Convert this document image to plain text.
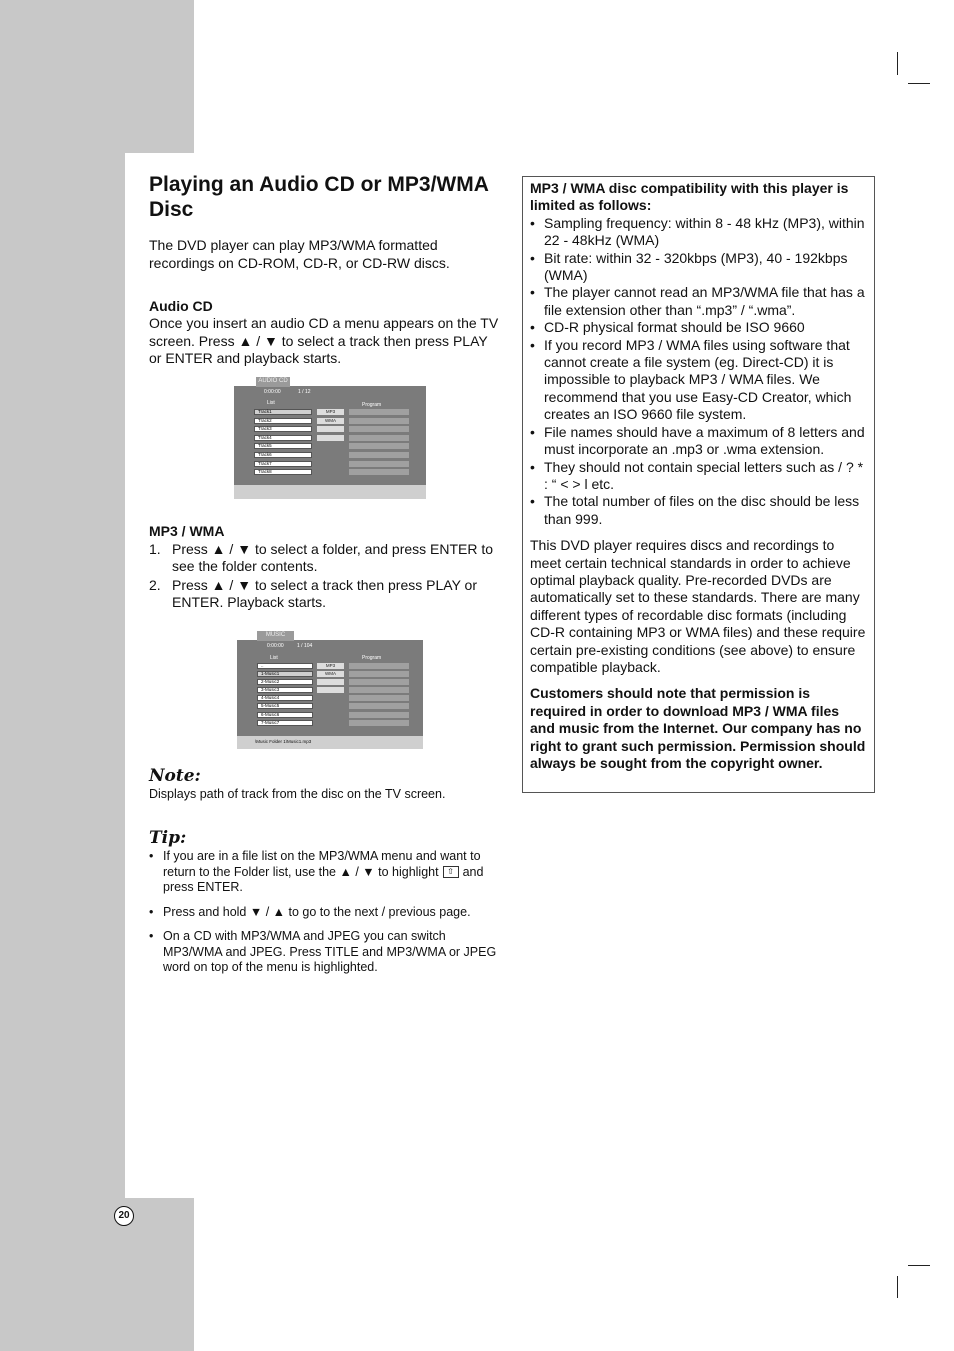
Playing an Audio CD or MP3/WMA Disc

The DVD player can play MP3/WMA formatted recordings on CD-ROM, CD-R, or CD-RW discs.

Audio CD

Once you insert an audio CD a menu appears on the TV screen. Press ▲ / ▼ to select a track then press PLAY or ENTER and playback starts.

AUDIO CD
0:00:00	1 / 12
List	Program
Track1
Track2
Track3
Track4
Track5
Track6
Track7
Track8
MP3
WMA

MP3 / WMA

1. Press ▲ / ▼ to select a folder, and press ENTER to see the folder contents.
2. Press ▲ / ▼ to select a track then press PLAY or ENTER. Playback starts.
MUSIC
0:00:00	1 / 104
List	Program
..
1-Music1
2-Music2
3-Music3
4-Music4
5-Music5
6-Music6
7-Music7
MP3
WMA
\Music Folder 1\Music1.mp3

Note:

Displays path of track from the disc on the TV screen.

Tip:

• If you are in a file list on the MP3/WMA menu and want to return to the Folder list, use the ▲ / ▼ to highlight ⇧ and press ENTER.
• Press and hold ▼ / ▲ to go to the next / previous page.
• On a CD with MP3/WMA and JPEG you can switch MP3/WMA and JPEG. Press TITLE and MP3/WMA or JPEG word on top of the menu is highlighted.

MP3 / WMA disc compatibility with this player is limited as follows:

• Sampling frequency: within 8 - 48 kHz (MP3), within 22 - 48kHz (WMA)
• Bit rate: within 32 - 320kbps (MP3), 40 - 192kbps (WMA)
• The player cannot read an MP3/WMA file that has a file extension other than “.mp3” / “.wma”.
• CD-R physical format should be ISO 9660
• If you record MP3 / WMA files using software that cannot create a file system (eg. Direct-CD) it is impossible to playback MP3 / WMA files. We recommend that you use Easy-CD Creator, which creates an ISO 9660 file system.
• File names should have a maximum of 8 letters and must incorporate an .mp3 or .wma extension.
• They should not contain special letters such as / ? * : “ < > l etc.
• The total number of files on the disc should be less than 999.

This DVD player requires discs and recordings to meet certain technical standards in order to achieve optimal playback quality. Pre-recorded DVDs are automatically set to these standards. There are many different types of recordable disc formats (including CD-R containing MP3 or WMA files) and these require certain pre-existing conditions (see above) to ensure compatible playback.

Customers should note that permission is required in order to download MP3 / WMA files and music from the Internet. Our company has no right to grant such permission. Permission should always be sought from the copyright owner.

20
